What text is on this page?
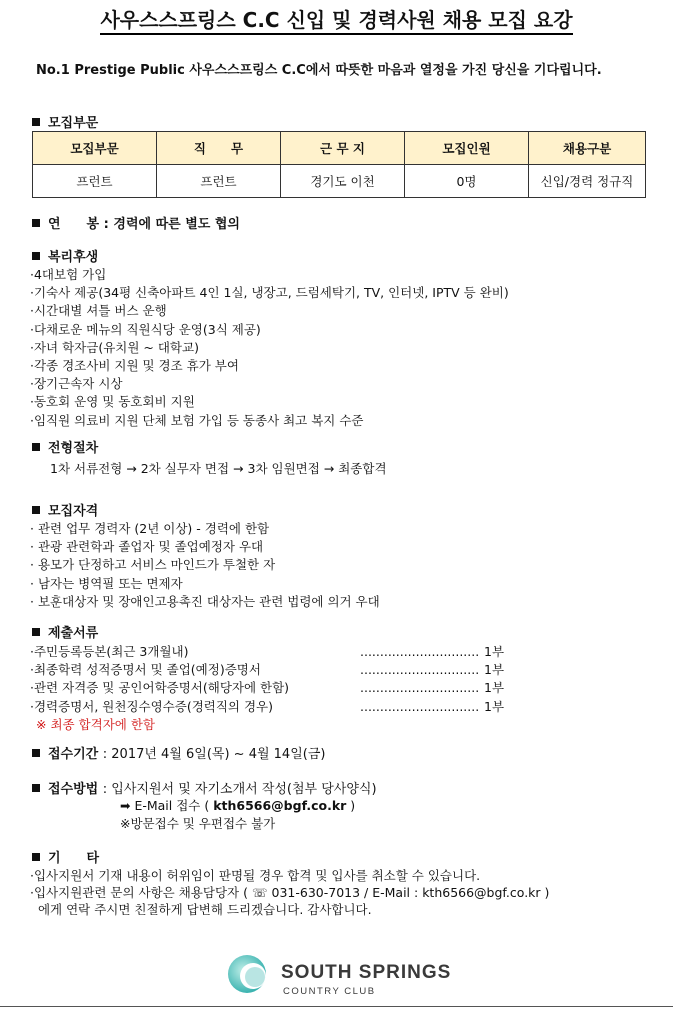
사우스스프링스 C.C 신입 및 경력사원 채용 모집 요강
No.1 Prestige Public 사우스스프링스 C.C에서 따뜻한 마음과 열정을 가진 당신을 기다립니다.
모집부문
모집부문	직　　무	근 무 지	모집인원	채용구분
프런트	프런트	경기도 이천	0명	신입/경력 정규직
연　　봉 : 경력에 따른 별도 협의
복리후생
·4대보험 가입
·기숙사 제공(34평 신축아파트 4인 1실, 냉장고, 드럼세탁기, TV, 인터넷, IPTV 등 완비)
·시간대별 셔틀 버스 운행
·다채로운 메뉴의 직원식당 운영(3식 제공)
·자녀 학자금(유치원 ~ 대학교)
·각종 경조사비 지원 및 경조 휴가 부여
·장기근속자 시상
·동호회 운영 및 동호회비 지원
·임직원 의료비 지원 단체 보험 가입 등 동종사 최고 복지 수준
전형절차
1차 서류전형 → 2차 실무자 면접 → 3차 임원면접 → 최종합격
모집자격
· 관련 업무 경력자 (2년 이상) - 경력에 한함
· 관광 관련학과 졸업자 및 졸업예정자 우대
· 용모가 단정하고 서비스 마인드가 투철한 자
· 남자는 병역필 또는 면제자
· 보훈대상자 및 장애인고용촉진 대상자는 관련 법령에 의거 우대
제출서류
·주민등록등본(최근 3개월내)	.............................. 1부
·최종학력 성적증명서 및 졸업(예정)증명서	.............................. 1부
·관련 자격증 및 공인어학증명서(해당자에 한함)	.............................. 1부
·경력증명서, 원천징수영수증(경력직의 경우)	.............................. 1부
※ 최종 합격자에 한함
접수기간 : 2017년 4월 6일(목) ~ 4월 14일(금)
접수방법 : 입사지원서 및 자기소개서 작성(첨부 당사양식)
➡ E-Mail 접수 ( kth6566@bgf.co.kr )
※방문접수 및 우편접수 불가
기　　타
·입사지원서 기재 내용이 허위임이 판명될 경우 합격 및 입사를 취소할 수 있습니다.
·입사지원관련 문의 사항은 채용담당자 ( ☏ 031-630-7013 / E-Mail : kth6566@bgf.co.kr )
에게 연락 주시면 친절하게 답변해 드리겠습니다. 감사합니다.
SOUTH SPRINGS
COUNTRY CLUB
